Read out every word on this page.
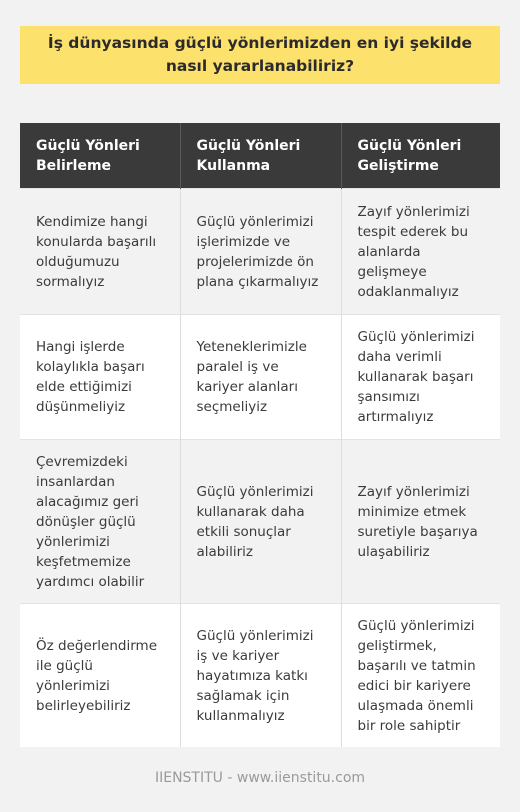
İş dünyasında güçlü yönlerimizden en iyi şekilde nasıl yararlanabiliriz?
Güçlü Yönleri Belirleme	Güçlü Yönleri Kullanma	Güçlü Yönleri Geliştirme
Kendimize hangi konularda başarılı olduğumuzu sormalıyız	Güçlü yönlerimizi işlerimizde ve projelerimizde ön plana çıkarmalıyız	Zayıf yönlerimizi tespit ederek bu alanlarda gelişmeye odaklanmalıyız
Hangi işlerde kolaylıkla başarı elde ettiğimizi düşünmeliyiz	Yeteneklerimizle paralel iş ve kariyer alanları seçmeliyiz	Güçlü yönlerimizi daha verimli kullanarak başarı şansımızı artırmalıyız
Çevremizdeki insanlardan alacağımız geri dönüşler güçlü yönlerimizi keşfetmemize yardımcı olabilir	Güçlü yönlerimizi kullanarak daha etkili sonuçlar alabiliriz	Zayıf yönlerimizi minimize etmek suretiyle başarıya ulaşabiliriz
Öz değerlendirme ile güçlü yönlerimizi belirleyebiliriz	Güçlü yönlerimizi iş ve kariyer hayatımıza katkı sağlamak için kullanmalıyız	Güçlü yönlerimizi geliştirmek, başarılı ve tatmin edici bir kariyere ulaşmada önemli bir role sahiptir
IIENSTITU - www.iienstitu.com
